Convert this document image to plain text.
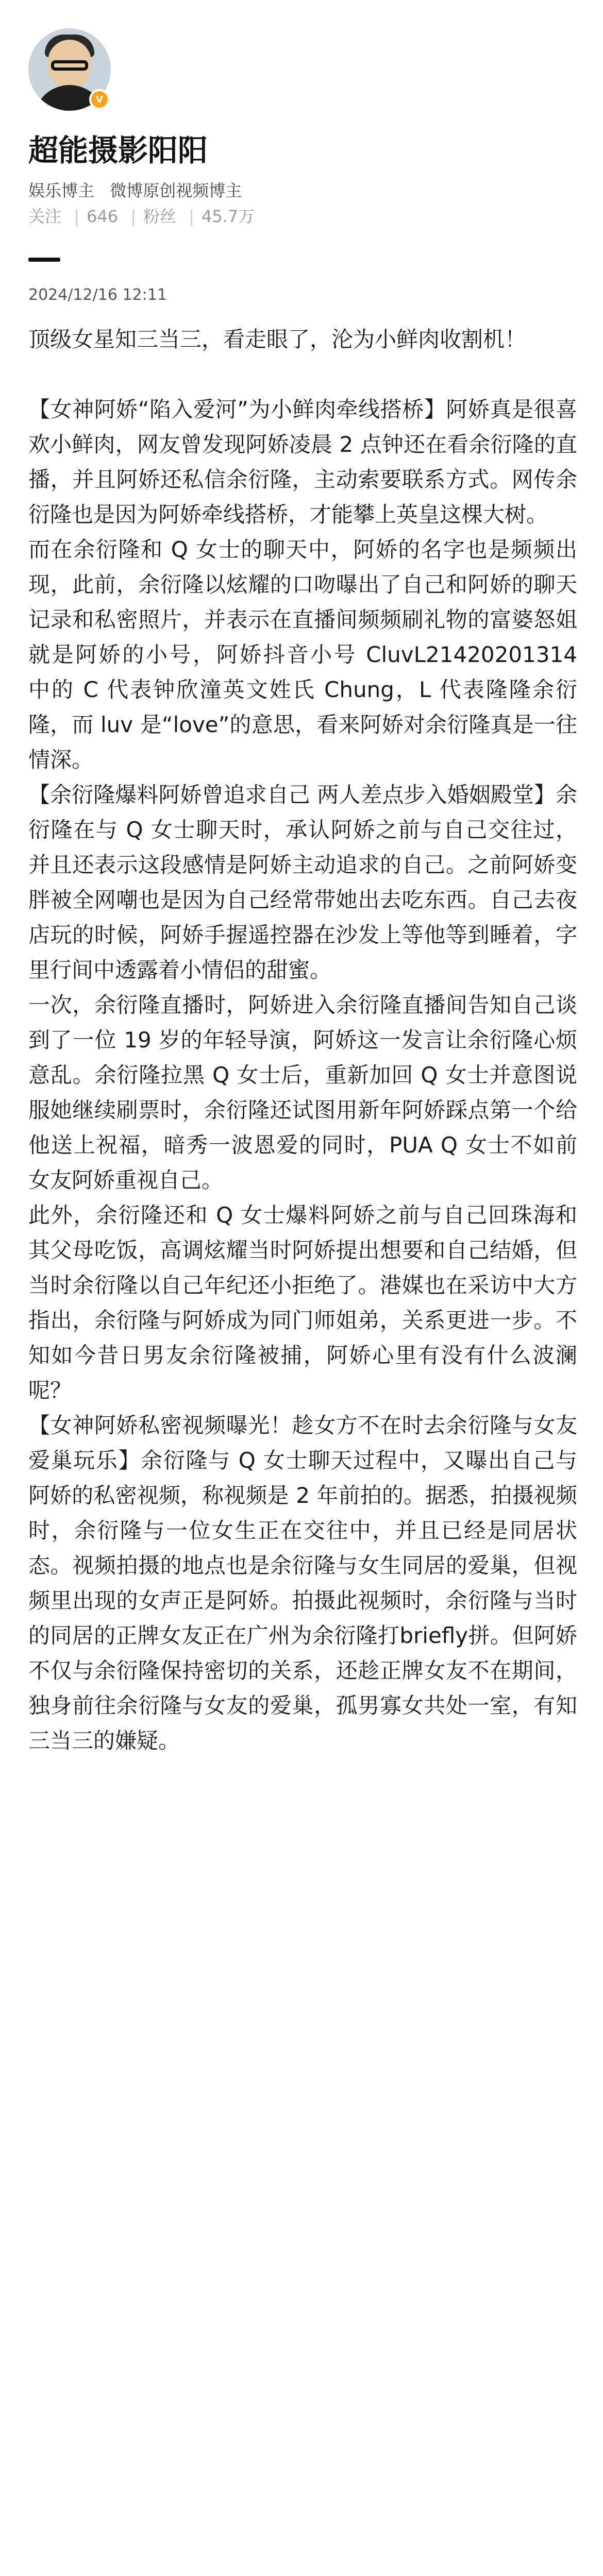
V
超能摄影阳阳
娱乐博主 微博原创视频博主
关注 | 646 | 粉丝 | 45.7万
2024/12/16 12:11

顶级女星知三当三，看走眼了，沦为小鲜肉收割机！

【女神阿娇“陷入爱河”为小鲜肉牵线搭桥】阿娇真是很喜欢小鲜肉，网友曾发现阿娇凌晨 2 点钟还在看余衍隆的直播，并且阿娇还私信余衍隆，主动索要联系方式。网传余衍隆也是因为阿娇牵线搭桥，才能攀上英皇这棵大树。

而在余衍隆和 Q 女士的聊天中，阿娇的名字也是频频出现，此前，余衍隆以炫耀的口吻曝出了自己和阿娇的聊天记录和私密照片，并表示在直播间频频刷礼物的富婆怒姐就是阿娇的小号，阿娇抖音小号 CluvL21420201314 中的 C 代表钟欣潼英文姓氏 Chung，L 代表隆隆余衍隆，而 luv 是“love”的意思，看来阿娇对余衍隆真是一往情深。

【余衍隆爆料阿娇曾追求自己 两人差点步入婚姻殿堂】余衍隆在与 Q 女士聊天时，承认阿娇之前与自己交往过，并且还表示这段感情是阿娇主动追求的自己。之前阿娇变胖被全网嘲也是因为自己经常带她出去吃东西。自己去夜店玩的时候，阿娇手握遥控器在沙发上等他等到睡着，字里行间中透露着小情侣的甜蜜。

一次，余衍隆直播时，阿娇进入余衍隆直播间告知自己谈到了一位 19 岁的年轻导演，阿娇这一发言让余衍隆心烦意乱。余衍隆拉黑 Q 女士后，重新加回 Q 女士并意图说服她继续刷票时，余衍隆还试图用新年阿娇踩点第一个给他送上祝福，暗秀一波恩爱的同时，PUA Q 女士不如前女友阿娇重视自己。

此外，余衍隆还和 Q 女士爆料阿娇之前与自己回珠海和其父母吃饭，高调炫耀当时阿娇提出想要和自己结婚，但当时余衍隆以自己年纪还小拒绝了。港媒也在采访中大方指出，余衍隆与阿娇成为同门师姐弟，关系更进一步。不知如今昔日男友余衍隆被捕，阿娇心里有没有什么波澜呢？

【女神阿娇私密视频曝光！趁女方不在时去余衍隆与女友爱巢玩乐】余衍隆与 Q 女士聊天过程中，又曝出自己与阿娇的私密视频，称视频是 2 年前拍的。据悉，拍摄视频时，余衍隆与一位女生正在交往中，并且已经是同居状态。视频拍摄的地点也是余衍隆与女生同居的爱巢，但视频里出现的女声正是阿娇。拍摄此视频时，余衍隆与当时的同居的正牌女友正在广州为余衍隆打briefly拼。但阿娇不仅与余衍隆保持密切的关系，还趁正牌女友不在期间，独身前往余衍隆与女友的爱巢，孤男寡女共处一室，有知三当三的嫌疑。
